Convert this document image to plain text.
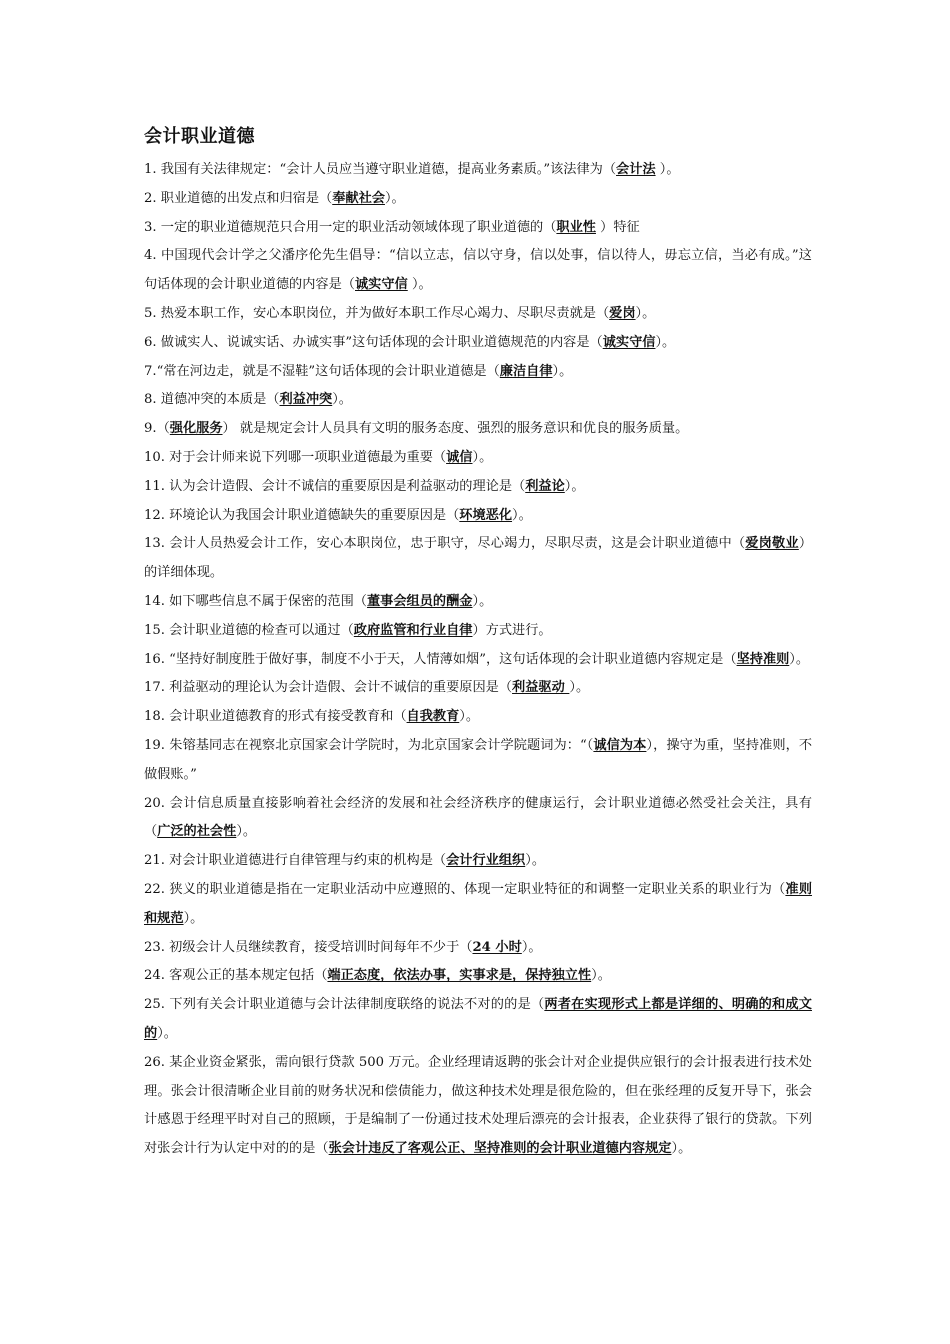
会计职业道德

1. 我国有关法律规定：“会计人员应当遵守职业道德，提高业务素质。”该法律为（会计法 ）。

2. 职业道德的出发点和归宿是（奉献社会）。

3. 一定的职业道德规范只合用一定的职业活动领域体现了职业道德的（职业性 ）特征

4. 中国现代会计学之父潘序伦先生倡导：“信以立志，信以守身，信以处事，信以待人，毋忘立信，当必有成。”这句话体现的会计职业道德的内容是（诚实守信 ）。

5. 热爱本职工作，安心本职岗位，并为做好本职工作尽心竭力、尽职尽责就是（爱岗）。

6. 做诚实人、说诚实话、办诚实事”这句话体现的会计职业道德规范的内容是（诚实守信）。

7.“常在河边走，就是不湿鞋”这句话体现的会计职业道德是（廉洁自律）。

8. 道德冲突的本质是（利益冲突）。

9.（强化服务） 就是规定会计人员具有文明的服务态度、强烈的服务意识和优良的服务质量。

10. 对于会计师来说下列哪一项职业道德最为重要（诚信）。

11. 认为会计造假、会计不诚信的重要原因是利益驱动的理论是（利益论）。

12. 环境论认为我国会计职业道德缺失的重要原因是（环境恶化）。

13. 会计人员热爱会计工作，安心本职岗位，忠于职守，尽心竭力，尽职尽责，这是会计职业道德中（爱岗敬业）的详细体现。

14. 如下哪些信息不属于保密的范围（董事会组员的酬金）。

15. 会计职业道德的检查可以通过（政府监管和行业自律）方式进行。

16. “坚持好制度胜于做好事，制度不小于天，人情薄如烟”，这句话体现的会计职业道德内容规定是（坚持准则）。

17. 利益驱动的理论认为会计造假、会计不诚信的重要原因是（利益驱动 ）。

18. 会计职业道德教育的形式有接受教育和（自我教育）。

19. 朱镕基同志在视察北京国家会计学院时，为北京国家会计学院题词为：“（诚信为本），操守为重，坚持准则，不做假账。”

20. 会计信息质量直接影响着社会经济的发展和社会经济秩序的健康运行，会计职业道德必然受社会关注，具有（广泛的社会性）。

21. 对会计职业道德进行自律管理与约束的机构是（会计行业组织）。

22. 狭义的职业道德是指在一定职业活动中应遵照的、体现一定职业特征的和调整一定职业关系的职业行为（准则和规范）。

23. 初级会计人员继续教育，接受培训时间每年不少于（24 小时）。

24. 客观公正的基本规定包括（端正态度，依法办事，实事求是，保持独立性）。

25. 下列有关会计职业道德与会计法律制度联络的说法不对的的是（两者在实现形式上都是详细的、明确的和成文的）。

26. 某企业资金紧张，需向银行贷款 500 万元。企业经理请返聘的张会计对企业提供应银行的会计报表进行技术处理。张会计很清晰企业目前的财务状况和偿债能力，做这种技术处理是很危险的，但在张经理的反复开导下，张会计感恩于经理平时对自己的照顾，于是编制了一份通过技术处理后漂亮的会计报表，企业获得了银行的贷款。下列对张会计行为认定中对的的是（张会计违反了客观公正、坚持准则的会计职业道德内容规定）。
